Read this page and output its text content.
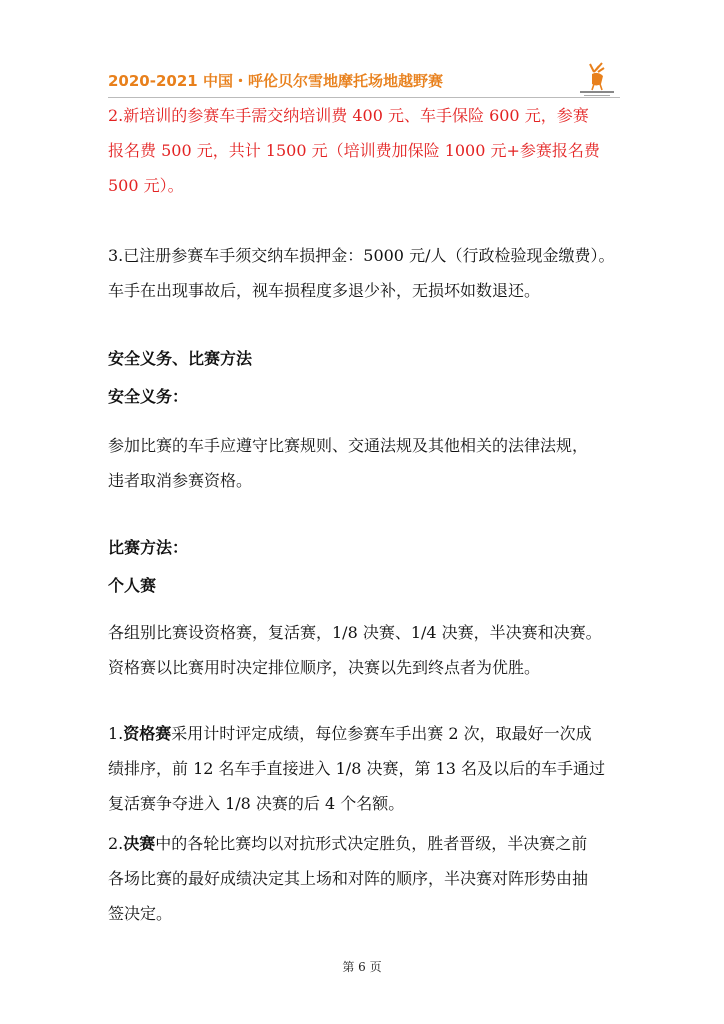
2020-2021 中国・呼伦贝尔雪地摩托场地越野赛

2.新培训的参赛车手需交纳培训费 400 元、车手保险 600 元，参赛
报名费 500 元，共计 1500 元（培训费加保险 1000 元+参赛报名费
500 元）。

3.已注册参赛车手须交纳车损押金：5000 元/人（行政检验现金缴费）。
车手在出现事故后，视车损程度多退少补，无损坏如数退还。

安全义务、比赛方法

安全义务：

参加比赛的车手应遵守比赛规则、交通法规及其他相关的法律法规，
违者取消参赛资格。

比赛方法：

个人赛

各组别比赛设资格赛，复活赛，1/8 决赛、1/4 决赛，半决赛和决赛。
资格赛以比赛用时决定排位顺序，决赛以先到终点者为优胜。

1.资格赛采用计时评定成绩，每位参赛车手出赛 2 次，取最好一次成
绩排序，前 12 名车手直接进入 1/8 决赛，第 13 名及以后的车手通过
复活赛争夺进入 1/8 决赛的后 4 个名额。

2.决赛中的各轮比赛均以对抗形式决定胜负，胜者晋级，半决赛之前
各场比赛的最好成绩决定其上场和对阵的顺序，半决赛对阵形势由抽
签决定。

第 6 页
